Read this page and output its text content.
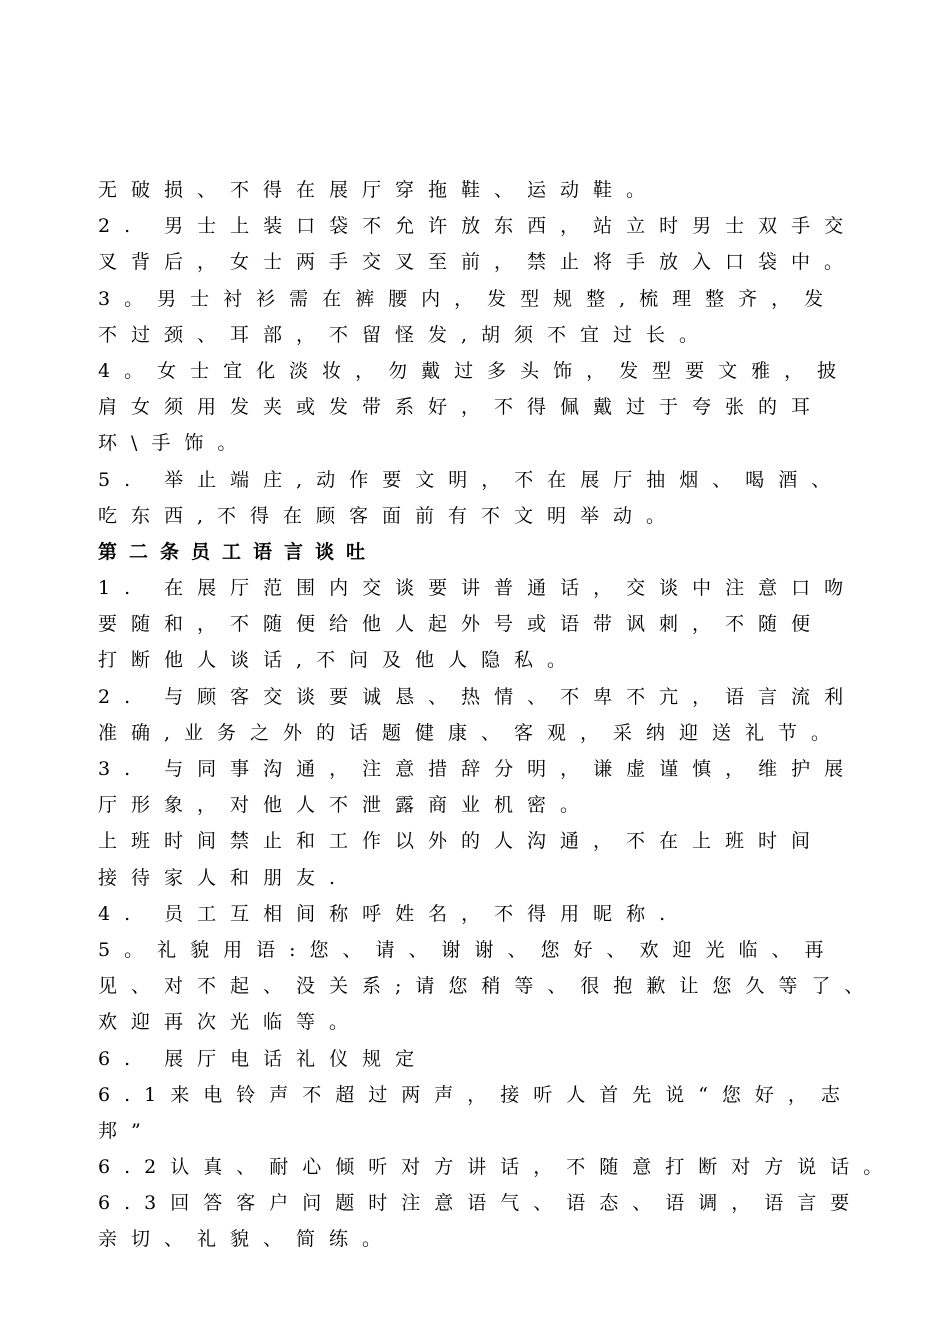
无破损、不得在展厅穿拖鞋、运动鞋。
2. 男士上装口袋不允许放东西，站立时男士双手交
叉背后，女士两手交叉至前，禁止将手放入口袋中。
3。男士衬衫需在裤腰内，发型规整,梳理整齐，发
不过颈、耳部，不留怪发,胡须不宜过长。
4。女士宜化淡妆，勿戴过多头饰，发型要文雅，披
肩女须用发夹或发带系好，不得佩戴过于夸张的耳
环\手饰。
5. 举止端庄,动作要文明，不在展厅抽烟、喝酒、
吃东西,不得在顾客面前有不文明举动。
第二条员工语言谈吐
1. 在展厅范围内交谈要讲普通话，交谈中注意口吻
要随和，不随便给他人起外号或语带讽刺，不随便
打断他人谈话,不问及他人隐私。
2. 与顾客交谈要诚恳、热情、不卑不亢，语言流利
准确,业务之外的话题健康、客观，采纳迎送礼节。
3. 与同事沟通，注意措辞分明，谦虚谨慎，维护展
厅形象，对他人不泄露商业机密。
上班时间禁止和工作以外的人沟通，不在上班时间
接待家人和朋友.
4. 员工互相间称呼姓名，不得用昵称.
5。礼貌用语:您、请、谢谢、您好、欢迎光临、再
见、对不起、没关系;请您稍等、很抱歉让您久等了、
欢迎再次光临等。
6. 展厅电话礼仪规定
6.1来电铃声不超过两声，接听人首先说“您好，志
邦”
6.2认真、耐心倾听对方讲话，不随意打断对方说话。
6.3回答客户问题时注意语气、语态、语调，语言要
亲切、礼貌、简练。
